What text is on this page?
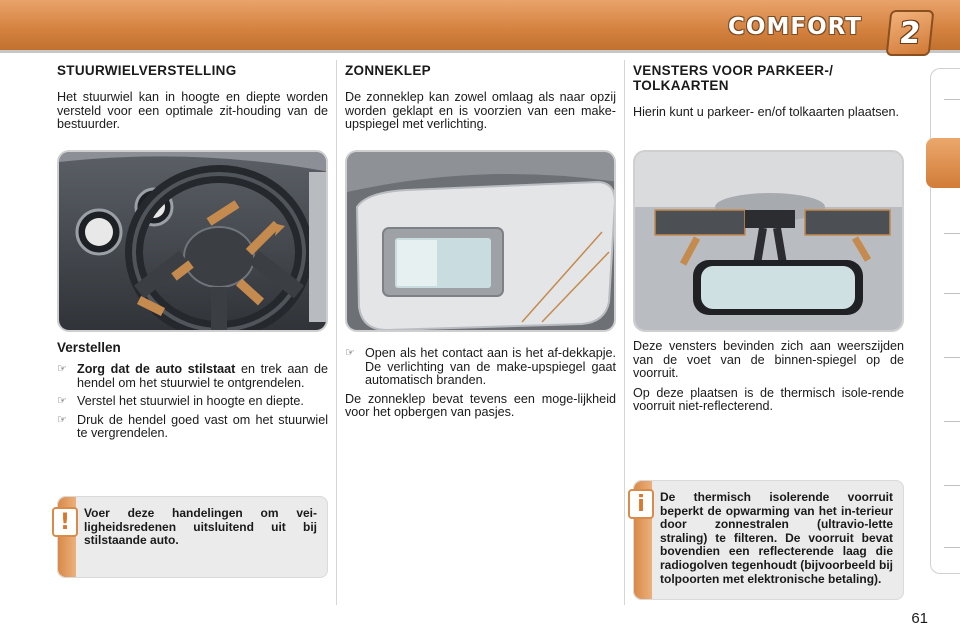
COMFORT 2
STUURWIELVERSTELLING

Het stuurwiel kan in hoogte en diepte worden versteld voor een optimale zit-houding van de bestuurder.

Verstellen
☞ Zorg dat de auto stilstaat en trek aan de hendel om het stuurwiel te ontgrendelen.
☞ Verstel het stuurwiel in hoogte en diepte.
☞ Druk de hendel goed vast om het stuurwiel te vergrendelen.
!	Voer deze handelingen om vei-ligheidsredenen uitsluitend uit bij stilstaande auto.
ZONNEKLEP

De zonneklep kan zowel omlaag als naar opzij worden geklapt en is voorzien van een make-upspiegel met verlichting.

☞ Open als het contact aan is het af-dekkapje. De verlichting van de make-upspiegel gaat automatisch branden.

De zonneklep bevat tevens een moge-lijkheid voor het opbergen van pasjes.

VENSTERS VOOR PARKEER-/ TOLKAARTEN

Hierin kunt u parkeer- en/of tolkaarten plaatsen.

Deze vensters bevinden zich aan weerszijden van de voet van de binnen-spiegel op de voorruit.

Op deze plaatsen is de thermisch isole-rende voorruit niet-reflecterend.

i	De thermisch isolerende voorruit beperkt de opwarming van het in-terieur door zonnestralen (ultravio-lette straling) te filteren. De voorruit bevat bovendien een reflecterende laag die radiogolven tegenhoudt (bijvoorbeeld bij tolpoorten met elektronische betaling).
61
